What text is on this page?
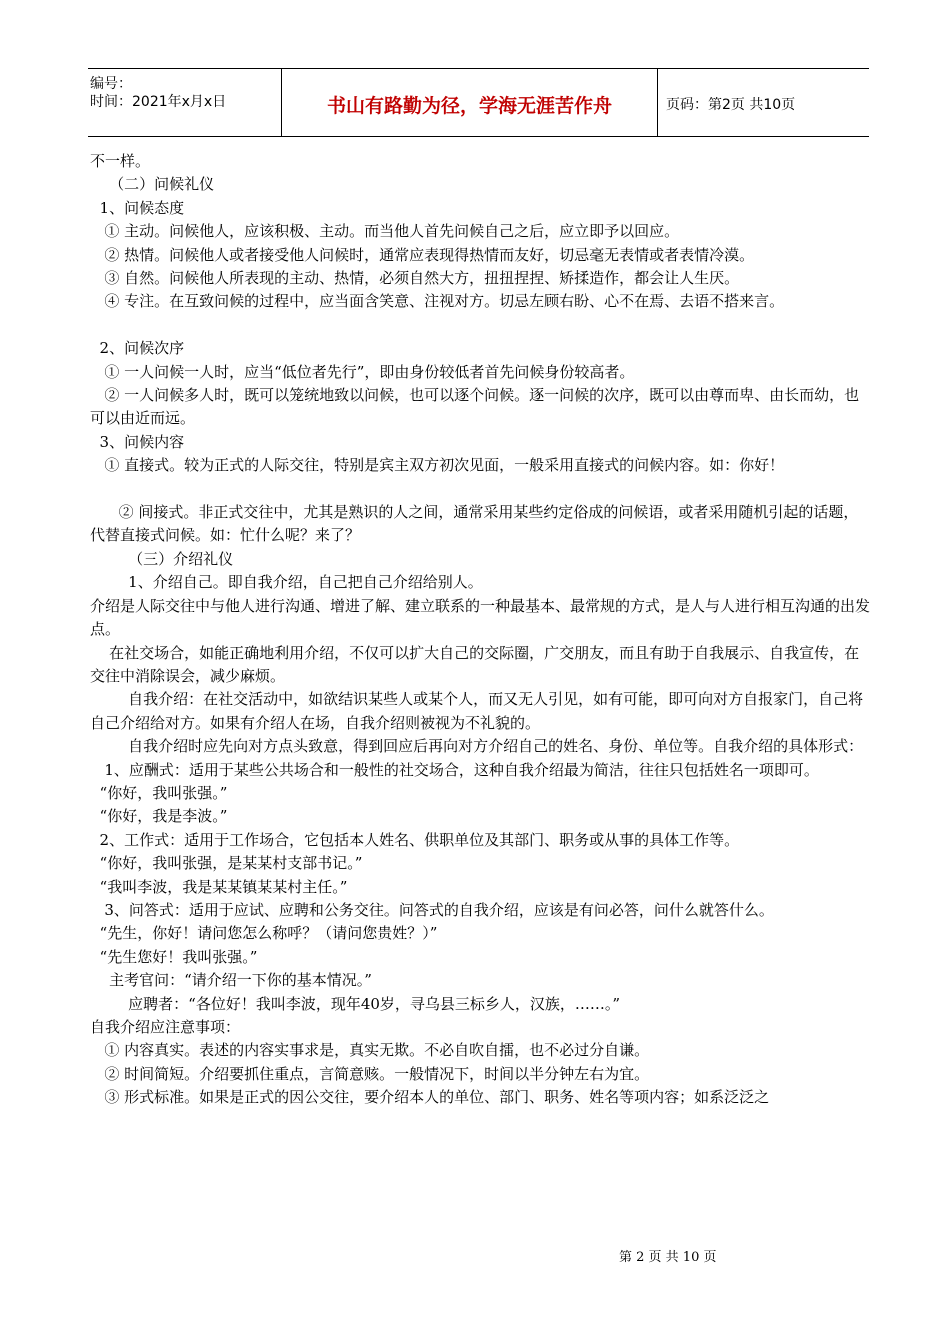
编号：
时间：2021年x月x日	书山有路勤为径，学海无涯苦作舟	页码：第2页 共10页

不一样。

（二）问候礼仪

1、问候态度

① 主动。问候他人，应该积极、主动。而当他人首先问候自己之后，应立即予以回应。

② 热情。问候他人或者接受他人问候时，通常应表现得热情而友好，切忌毫无表情或者表情冷漠。

③ 自然。问候他人所表现的主动、热情，必须自然大方，扭扭捏捏、矫揉造作，都会让人生厌。

④ 专注。在互致问候的过程中，应当面含笑意、注视对方。切忌左顾右盼、心不在焉、去语不搭来言。

2、问候次序

① 一人问候一人时，应当“低位者先行”，即由身份较低者首先问候身份较高者。

② 一人问候多人时，既可以笼统地致以问候，也可以逐个问候。逐一问候的次序，既可以由尊而卑、由长而幼，也可以由近而远。

3、问候内容

① 直接式。较为正式的人际交往，特别是宾主双方初次见面，一般采用直接式的问候内容。如：你好！

② 间接式。非正式交往中，尤其是熟识的人之间，通常采用某些约定俗成的问候语，或者采用随机引起的话题，代替直接式问候。如：忙什么呢？来了？

（三）介绍礼仪

1、介绍自己。即自我介绍，自己把自己介绍给别人。

介绍是人际交往中与他人进行沟通、增进了解、建立联系的一种最基本、最常规的方式，是人与人进行相互沟通的出发点。

在社交场合，如能正确地利用介绍，不仅可以扩大自己的交际圈，广交朋友，而且有助于自我展示、自我宣传，在交往中消除误会，减少麻烦。

自我介绍：在社交活动中，如欲结识某些人或某个人，而又无人引见，如有可能，即可向对方自报家门，自己将自己介绍给对方。如果有介绍人在场，自我介绍则被视为不礼貌的。

自我介绍时应先向对方点头致意，得到回应后再向对方介绍自己的姓名、身份、单位等。自我介绍的具体形式：

1、应酬式：适用于某些公共场合和一般性的社交场合，这种自我介绍最为简洁，往往只包括姓名一项即可。

“你好，我叫张强。”

“你好，我是李波。”

2、工作式：适用于工作场合，它包括本人姓名、供职单位及其部门、职务或从事的具体工作等。

“你好，我叫张强，是某某村支部书记。”

“我叫李波，我是某某镇某某村主任。”

3、问答式：适用于应试、应聘和公务交往。问答式的自我介绍，应该是有问必答，问什么就答什么。

“先生，你好！请问您怎么称呼？（请问您贵姓？）”

“先生您好！我叫张强。”

主考官问：“请介绍一下你的基本情况。”

应聘者：“各位好！我叫李波，现年40岁，寻乌县三标乡人，汉族，……。”

自我介绍应注意事项：

① 内容真实。表述的内容实事求是，真实无欺。不必自吹自擂，也不必过分自谦。

② 时间简短。介绍要抓住重点，言简意赅。一般情况下，时间以半分钟左右为宜。

③ 形式标准。如果是正式的因公交往，要介绍本人的单位、部门、职务、姓名等项内容；如系泛泛之

第 2 页 共 10 页
